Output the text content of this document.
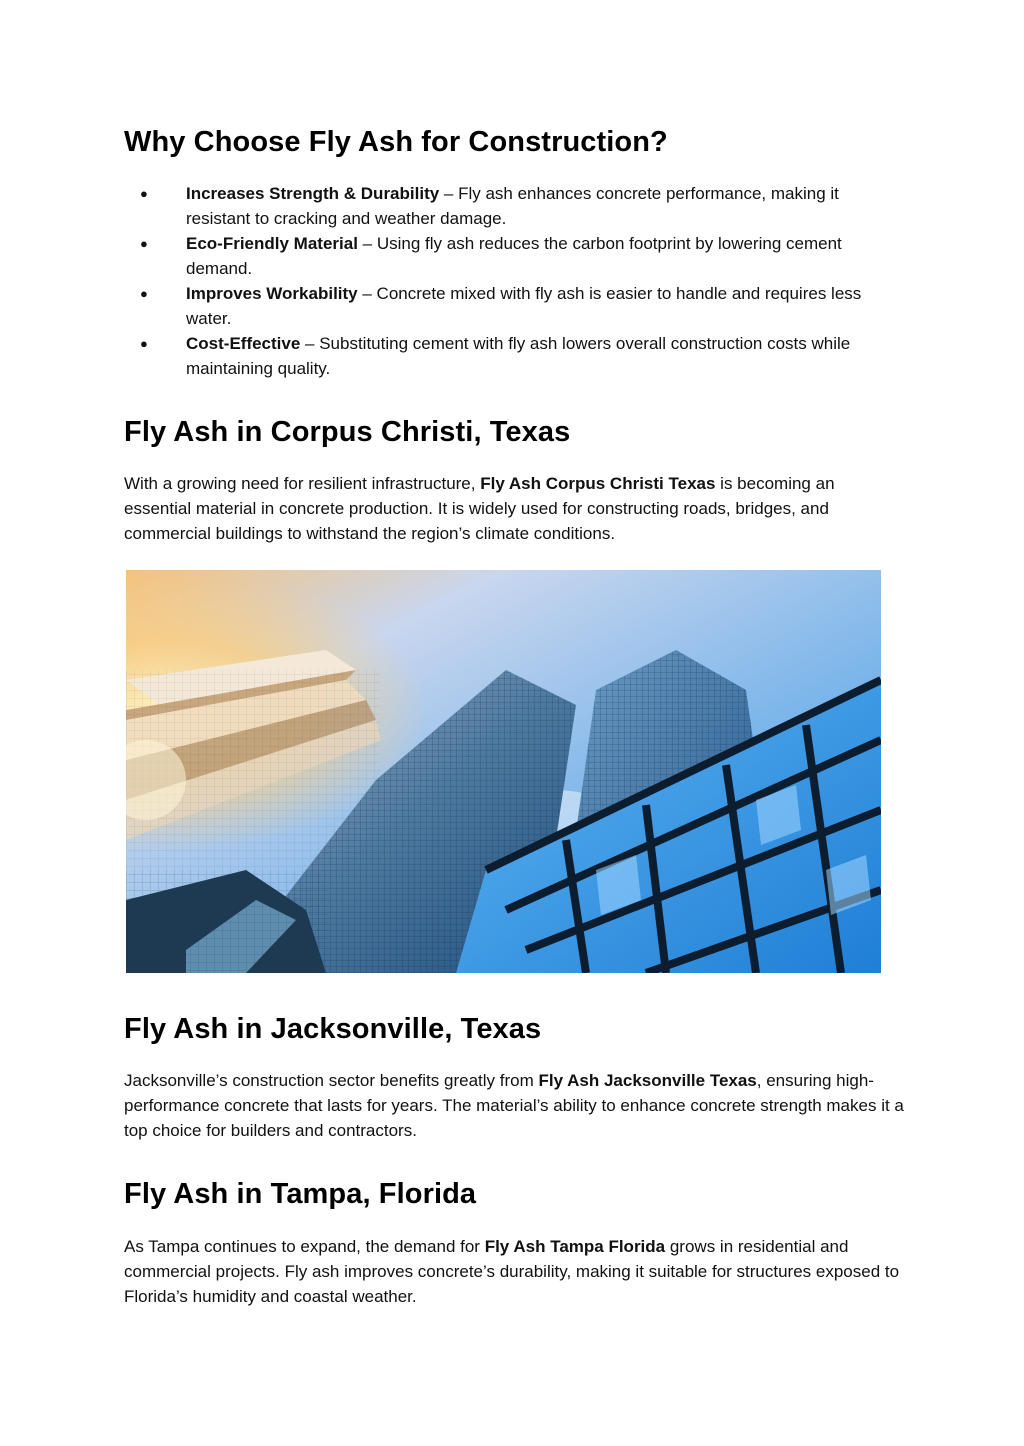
Why Choose Fly Ash for Construction?
● Increases Strength & Durability – Fly ash enhances concrete performance, making it resistant to cracking and weather damage.
● Eco-Friendly Material – Using fly ash reduces the carbon footprint by lowering cement demand.
● Improves Workability – Concrete mixed with fly ash is easier to handle and requires less water.
● Cost-Effective – Substituting cement with fly ash lowers overall construction costs while maintaining quality.
Fly Ash in Corpus Christi, Texas

With a growing need for resilient infrastructure, Fly Ash Corpus Christi Texas is becoming an essential material in concrete production. It is widely used for constructing roads, bridges, and commercial buildings to withstand the region’s climate conditions.

Fly Ash in Jacksonville, Texas

Jacksonville’s construction sector benefits greatly from Fly Ash Jacksonville Texas, ensuring high-performance concrete that lasts for years. The material’s ability to enhance concrete strength makes it a top choice for builders and contractors.

Fly Ash in Tampa, Florida

As Tampa continues to expand, the demand for Fly Ash Tampa Florida grows in residential and commercial projects. Fly ash improves concrete’s durability, making it suitable for structures exposed to Florida’s humidity and coastal weather.
